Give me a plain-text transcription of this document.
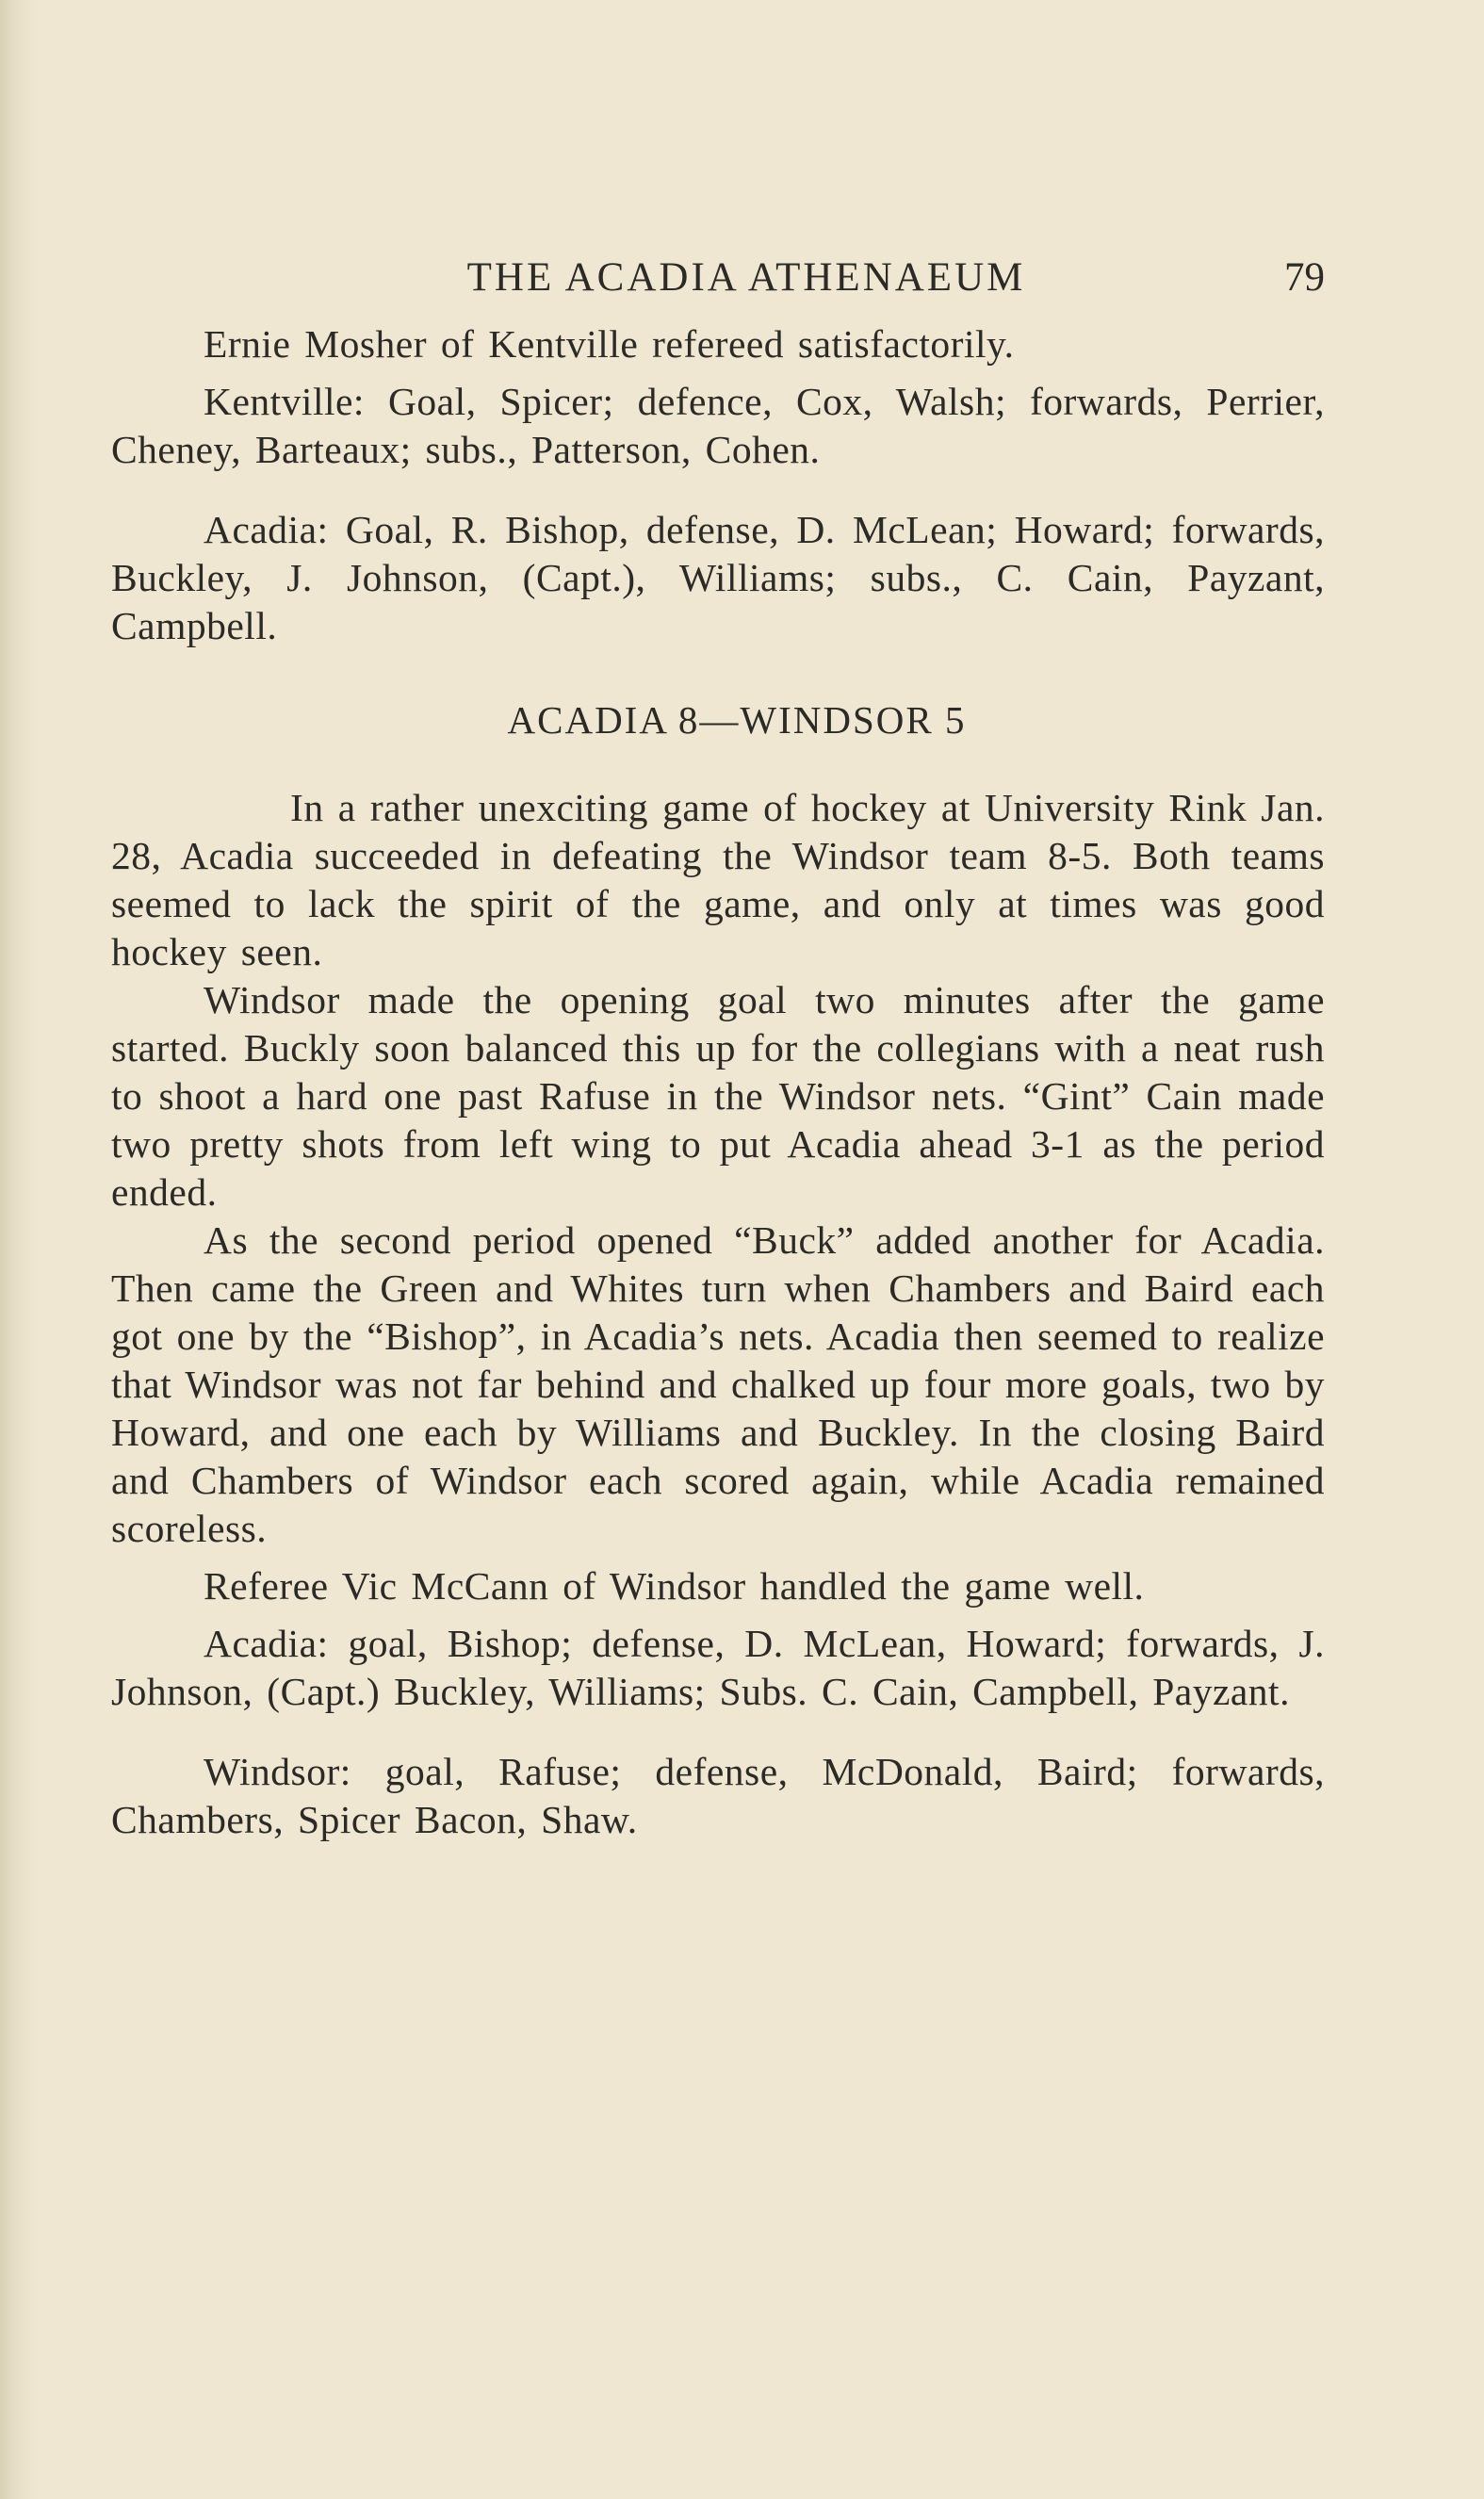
THE ACADIA ATHENAEUM	79

Ernie Mosher of Kentville refereed satisfactorily.

Kentville: Goal, Spicer; defence, Cox, Walsh; forwards, Perrier, Cheney, Barteaux; subs., Patterson, Cohen.

Acadia: Goal, R. Bishop, defense, D. McLean; Howard; forwards, Buckley, J. Johnson, (Capt.), Williams; subs., C. Cain, Payzant, Campbell.

ACADIA 8—WINDSOR 5

In a rather unexciting game of hockey at University Rink Jan. 28, Acadia succeeded in defeating the Windsor team 8-5. Both teams seemed to lack the spirit of the game, and only at times was good hockey seen.

Windsor made the opening goal two minutes after the game started. Buckly soon balanced this up for the collegians with a neat rush to shoot a hard one past Rafuse in the Windsor nets. “Gint” Cain made two pretty shots from left wing to put Acadia ahead 3-1 as the period ended.

As the second period opened “Buck” added another for Acadia. Then came the Green and Whites turn when Chambers and Baird each got one by the “Bishop”, in Acadia’s nets. Acadia then seemed to realize that Windsor was not far behind and chalked up four more goals, two by Howard, and one each by Williams and Buckley. In the closing Baird and Chambers of Windsor each scored again, while Acadia remained scoreless.

Referee Vic McCann of Windsor handled the game well.

Acadia: goal, Bishop; defense, D. McLean, Howard; forwards, J. Johnson, (Capt.) Buckley, Williams; Subs. C. Cain, Campbell, Payzant.

Windsor: goal, Rafuse; defense, McDonald, Baird; forwards, Chambers, Spicer Bacon, Shaw.
